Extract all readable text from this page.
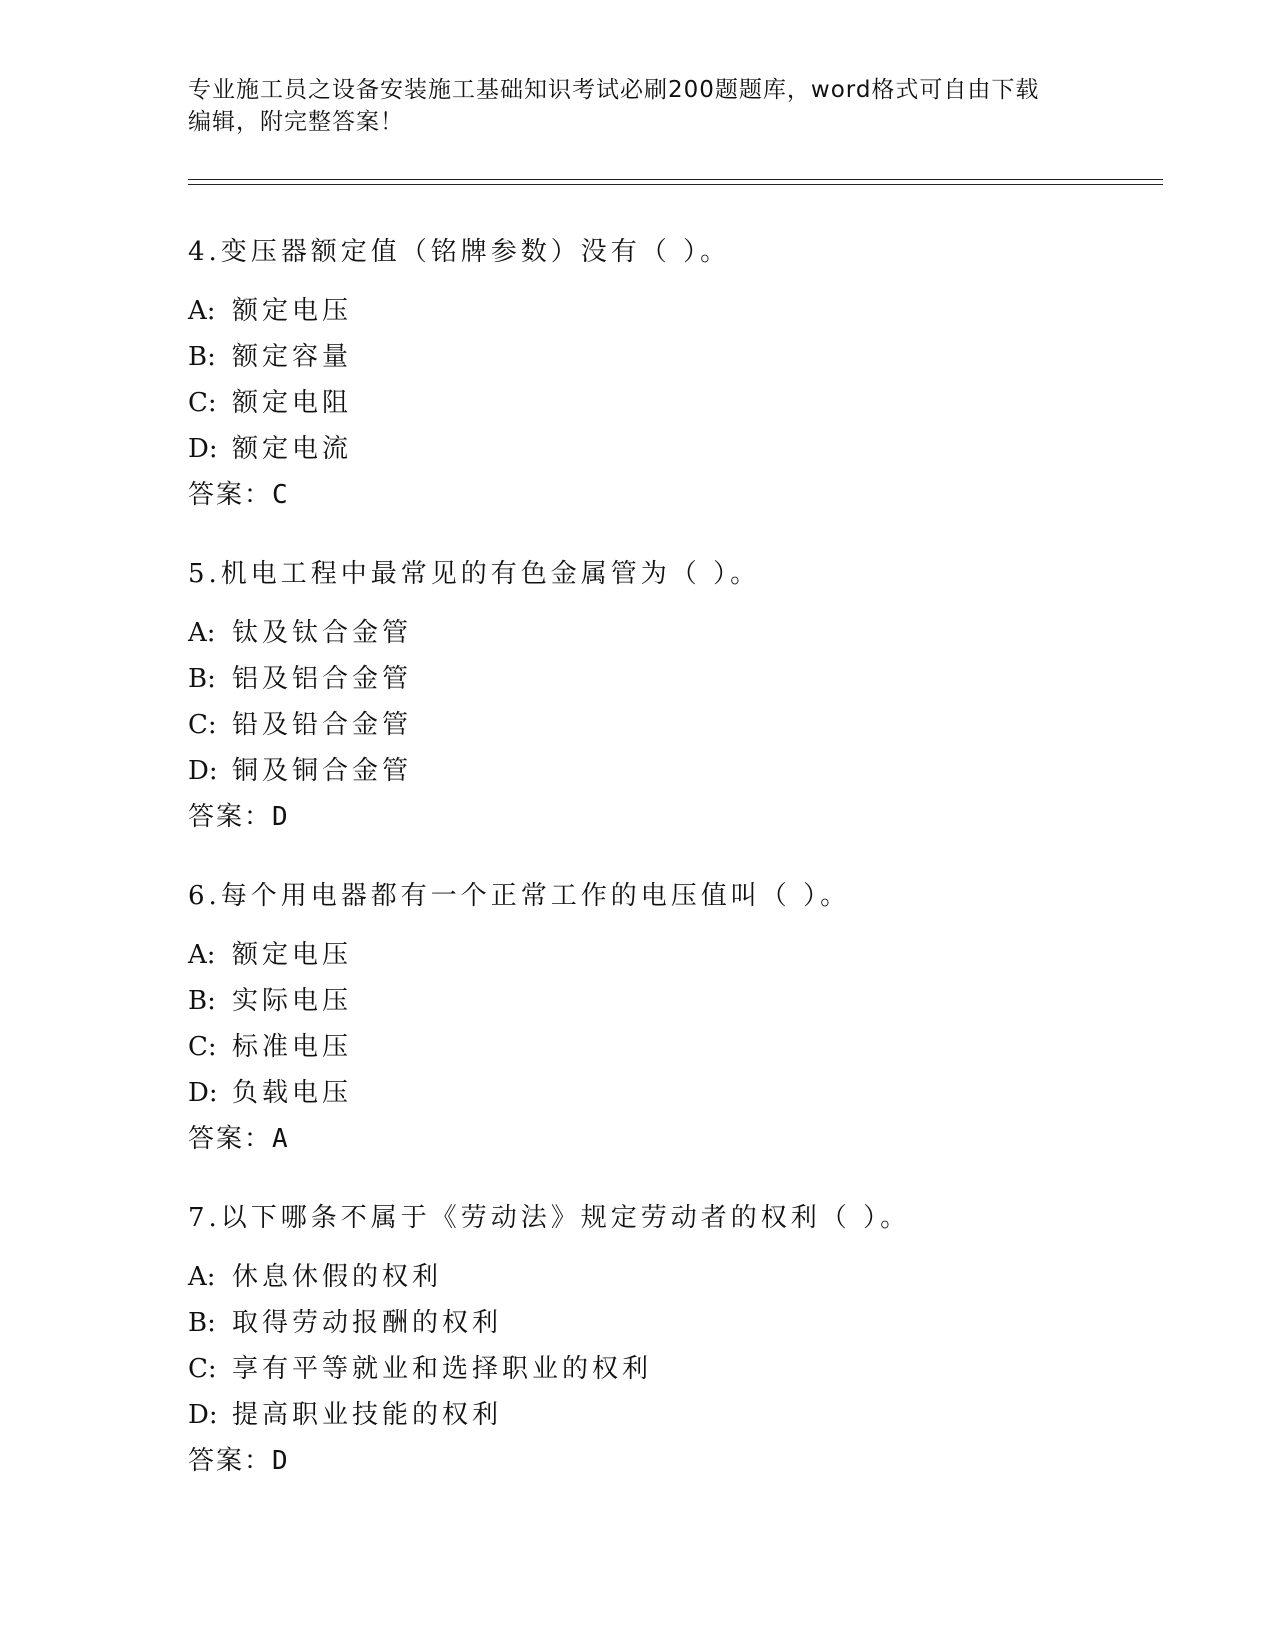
专业施工员之设备安装施工基础知识考试必刷200题题库，word格式可自由下载
编辑，附完整答案！
4.变压器额定值（铭牌参数）没有（ ）。
A: 额定电压
B: 额定容量
C: 额定电阻
D: 额定电流
答案：C
5.机电工程中最常见的有色金属管为（ ）。
A: 钛及钛合金管
B: 铝及铝合金管
C: 铅及铅合金管
D: 铜及铜合金管
答案：D
6.每个用电器都有一个正常工作的电压值叫（ ）。
A: 额定电压
B: 实际电压
C: 标准电压
D: 负载电压
答案：A
7.以下哪条不属于《劳动法》规定劳动者的权利（ ）。
A: 休息休假的权利
B: 取得劳动报酬的权利
C: 享有平等就业和选择职业的权利
D: 提高职业技能的权利
答案：D
